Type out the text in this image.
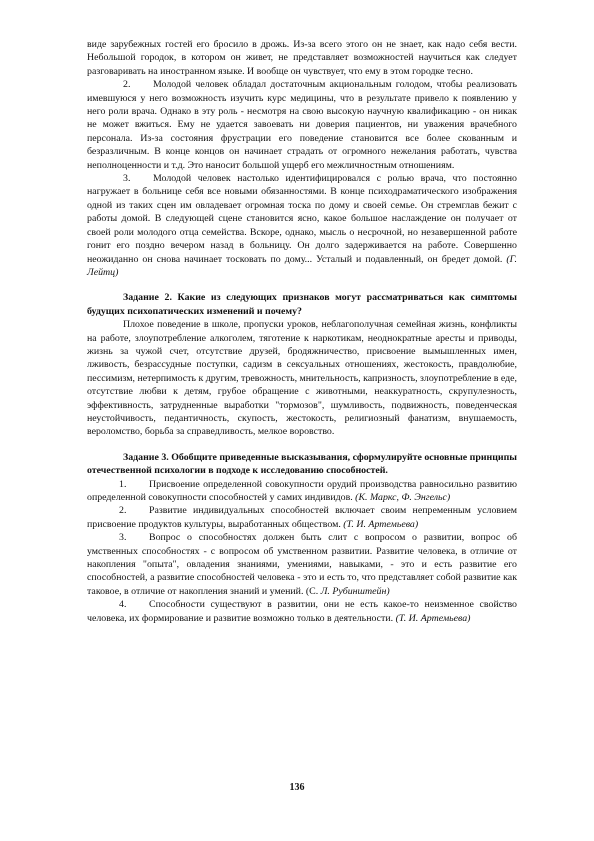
виде зарубежных гостей его бросило в дрожь. Из-за всего этого он не знает, как надо себя вести. Небольшой городок, в котором он живет, не представляет возможностей научиться как следует разговаривать на иностранном языке. И вообще он чувствует, что ему в этом городке тесно.

2. Молодой человек обладал достаточным акциональным голодом, чтобы реализовать имевшуюся у него возможность изучить курс медицины, что в результате привело к появлению у него роли врача. Однако в эту роль - несмотря на свою высокую научную квалификацию - он никак не может вжиться. Ему не удается завоевать ни доверия пациентов, ни уважения врачебного персонала. Из-за состояния фрустрации его поведение становится все более скованным и безразличным. В конце концов он начинает страдать от огромного нежелания работать, чувства неполноценности и т.д. Это наносит большой ущерб его межличностным отношениям.

3. Молодой человек настолько идентифицировался с ролью врача, что постоянно нагружает в больнице себя все новыми обязанностями. В конце психодраматического изображения одной из таких сцен им овладевает огромная тоска по дому и своей семье. Он стремглав бежит с работы домой. В следующей сцене становится ясно, какое большое наслаждение он получает от своей роли молодого отца семейства. Вскоре, однако, мысль о несрочной, но незавершенной работе гонит его поздно вечером назад в больницу. Он долго задерживается на работе. Совершенно неожиданно он снова начинает тосковать по дому... Усталый и подавленный, он бредет домой. (Г. Лейтц)

Задание 2. Какие из следующих признаков могут рассматриваться как симптомы будущих психопатических изменений и почему?

Плохое поведение в школе, пропуски уроков, неблагополучная семейная жизнь, конфликты на работе, злоупотребление алкоголем, тяготение к наркотикам, неоднократные аресты и приводы, жизнь за чужой счет, отсутствие друзей, бродяжничество, присвоение вымышленных имен, лживость, безрассудные поступки, садизм в сексуальных отношениях, жестокость, правдолюбие, пессимизм, нетерпимость к другим, тревожность, мнительность, капризность, злоупотребление в еде, отсутствие любви к детям, грубое обращение с животными, неаккуратность, скрупулезность, эффективность, затрудненные выработки "тормозов", шумливость, подвижность, поведенческая неустойчивость, педантичность, скупость, жестокость, религиозный фанатизм, внушаемость, вероломство, борьба за справедливость, мелкое воровство.

Задание 3. Обобщите приведенные высказывания, сформулируйте основные принципы отечественной психологии в подходе к исследованию способностей.

1. Присвоение определенной совокупности орудий производства равносильно развитию определенной совокупности способностей у самих индивидов. (К. Маркс, Ф. Энгельс)

2. Развитие индивидуальных способностей включает своим непременным условием присвоение продуктов культуры, выработанных обществом. (Т. И. Артемьева)

3. Вопрос о способностях должен быть слит с вопросом о развитии, вопрос об умственных способностях - с вопросом об умственном развитии. Развитие человека, в отличие от накопления "опыта", овладения знаниями, умениями, навыками, - это и есть развитие его способностей, а развитие способностей человека - это и есть то, что представляет собой развитие как таковое, в отличие от накопления знаний и умений. (С. Л. Рубинштейн)

4. Способности существуют в развитии, они не есть какое-то неизменное свойство человека, их формирование и развитие возможно только в деятельности. (Т. И. Артемьева)

136
